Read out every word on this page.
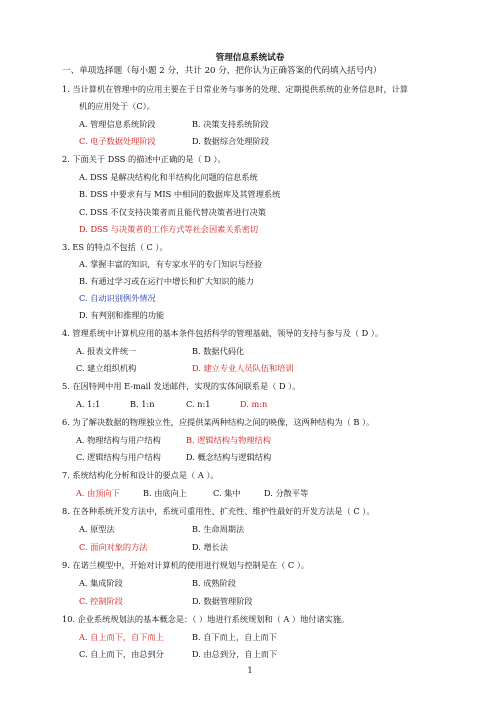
管理信息系统试卷
一、单项选择题（每小题 2 分，共计 20 分，把你认为正确答案的代码填入括号内）
1. 当计算机在管理中的应用主要在于日常业务与事务的处理、定期提供系统的业务信息时，计算
机的应用处于（C）。
A. 管理信息系统阶段	B. 决策支持系统阶段
C. 电子数据处理阶段	D. 数据综合处理阶段
2. 下面关于 DSS 的描述中正确的是（ D ）。
A. DSS 是解决结构化和半结构化问题的信息系统
B. DSS 中要求有与 MIS 中相同的数据库及其管理系统
C. DSS 不仅支持决策者而且能代替决策者进行决策
D. DSS 与决策者的工作方式等社会因素关系密切
3. ES 的特点不包括（ C ）。
A. 掌握丰富的知识，有专家水平的专门知识与经验
B. 有通过学习或在运行中增长和扩大知识的能力
C. 自动识别例外情况
D. 有判别和推理的功能
4. 管理系统中计算机应用的基本条件包括科学的管理基础、领导的支持与参与及（ D ）。
A. 报表文件统一	B. 数据代码化
C. 建立组织机构	D. 建立专业人员队伍和培训
5. 在因特网中用 E-mail 发送邮件，实现的实体间联系是（ D ）。
A. 1:1	B. 1:n	C. n:1	D. m:n
6. 为了解决数据的物理独立性，应提供某两种结构之间的映像，这两种结构为（ B ）。
A. 物理结构与用户结构	B. 逻辑结构与物理结构
C. 逻辑结构与用户结构	D. 概念结构与逻辑结构
7. 系统结构化分析和设计的要点是（ A ）。
A. 由顶向下	B. 由底向上	C. 集中	D. 分散平等
8. 在各种系统开发方法中，系统可重用性、扩充性、维护性最好的开发方法是（ C ）。
A. 原型法	B. 生命周期法
C. 面向对象的方法	D. 增长法
9. 在诺兰模型中，开始对计算机的使用进行规划与控制是在（ C ）。
A. 集成阶段	B. 成熟阶段
C. 控制阶段	D. 数据管理阶段
10. 企业系统规划法的基本概念是：（ ）地进行系统规划和（ A ）地付诸实施。
A. 自上而下，自下而上	B. 自下而上，自上而下
C. 自上而下，由总到分	D. 由总到分，自上而下
1
